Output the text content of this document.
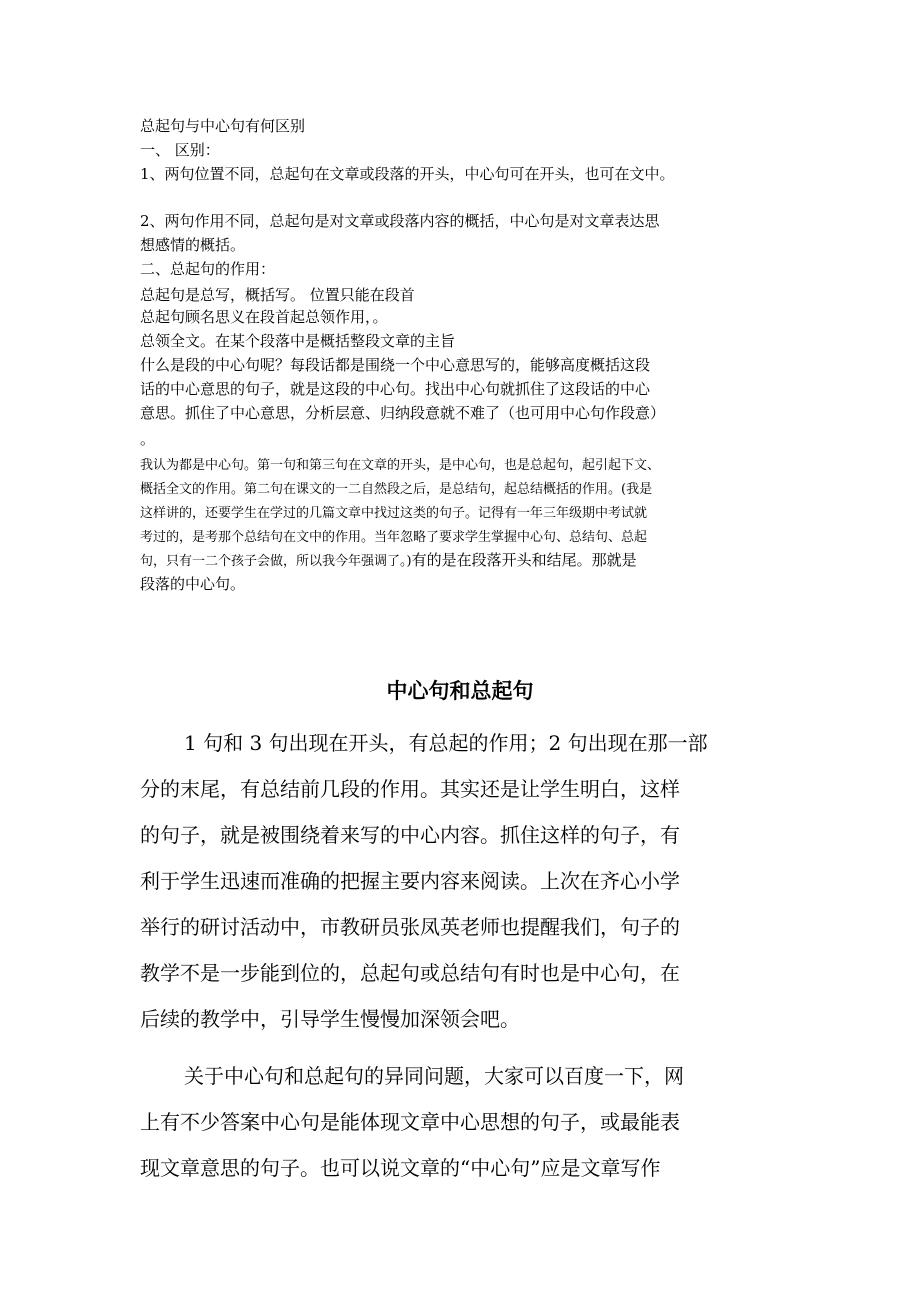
总起句与中心句有何区别

一、 区别：

1、两句位置不同，总起句在文章或段落的开头，中心句可在开头，也可在文中。

2、两句作用不同，总起句是对文章或段落内容的概括，中心句是对文章表达思

想感情的概括。

二、总起句的作用：

总起句是总写，概括写。 位置只能在段首

总起句顾名思义在段首起总领作用，。

总领全文。在某个段落中是概括整段文章的主旨

什么是段的中心句呢？每段话都是围绕一个中心意思写的，能够高度概括这段

话的中心意思的句子，就是这段的中心句。找出中心句就抓住了这段话的中心

意思。抓住了中心意思，分析层意、归纳段意就不难了（也可用中心句作段意）

。

我认为都是中心句。第一句和第三句在文章的开头，是中心句，也是总起句，起引起下文、

概括全文的作用。第二句在课文的一二自然段之后，是总结句，起总结概括的作用。(我是

这样讲的，还要学生在学过的几篇文章中找过这类的句子。记得有一年三年级期中考试就

考过的，是考那个总结句在文中的作用。当年忽略了要求学生掌握中心句、总结句、总起

句，只有一二个孩子会做，所以我今年强调了。)有的是在段落开头和结尾。那就是

段落的中心句。

中心句和总起句

1 句和 3 句出现在开头，有总起的作用；2 句出现在那一部

分的末尾，有总结前几段的作用。其实还是让学生明白，这样

的句子，就是被围绕着来写的中心内容。抓住这样的句子，有

利于学生迅速而准确的把握主要内容来阅读。上次在齐心小学

举行的研讨活动中，市教研员张凤英老师也提醒我们，句子的

教学不是一步能到位的，总起句或总结句有时也是中心句，在

后续的教学中，引导学生慢慢加深领会吧。

关于中心句和总起句的异同问题，大家可以百度一下，网

上有不少答案中心句是能体现文章中心思想的句子，或最能表

现文章意思的句子。也可以说文章的“中心句”应是文章写作
